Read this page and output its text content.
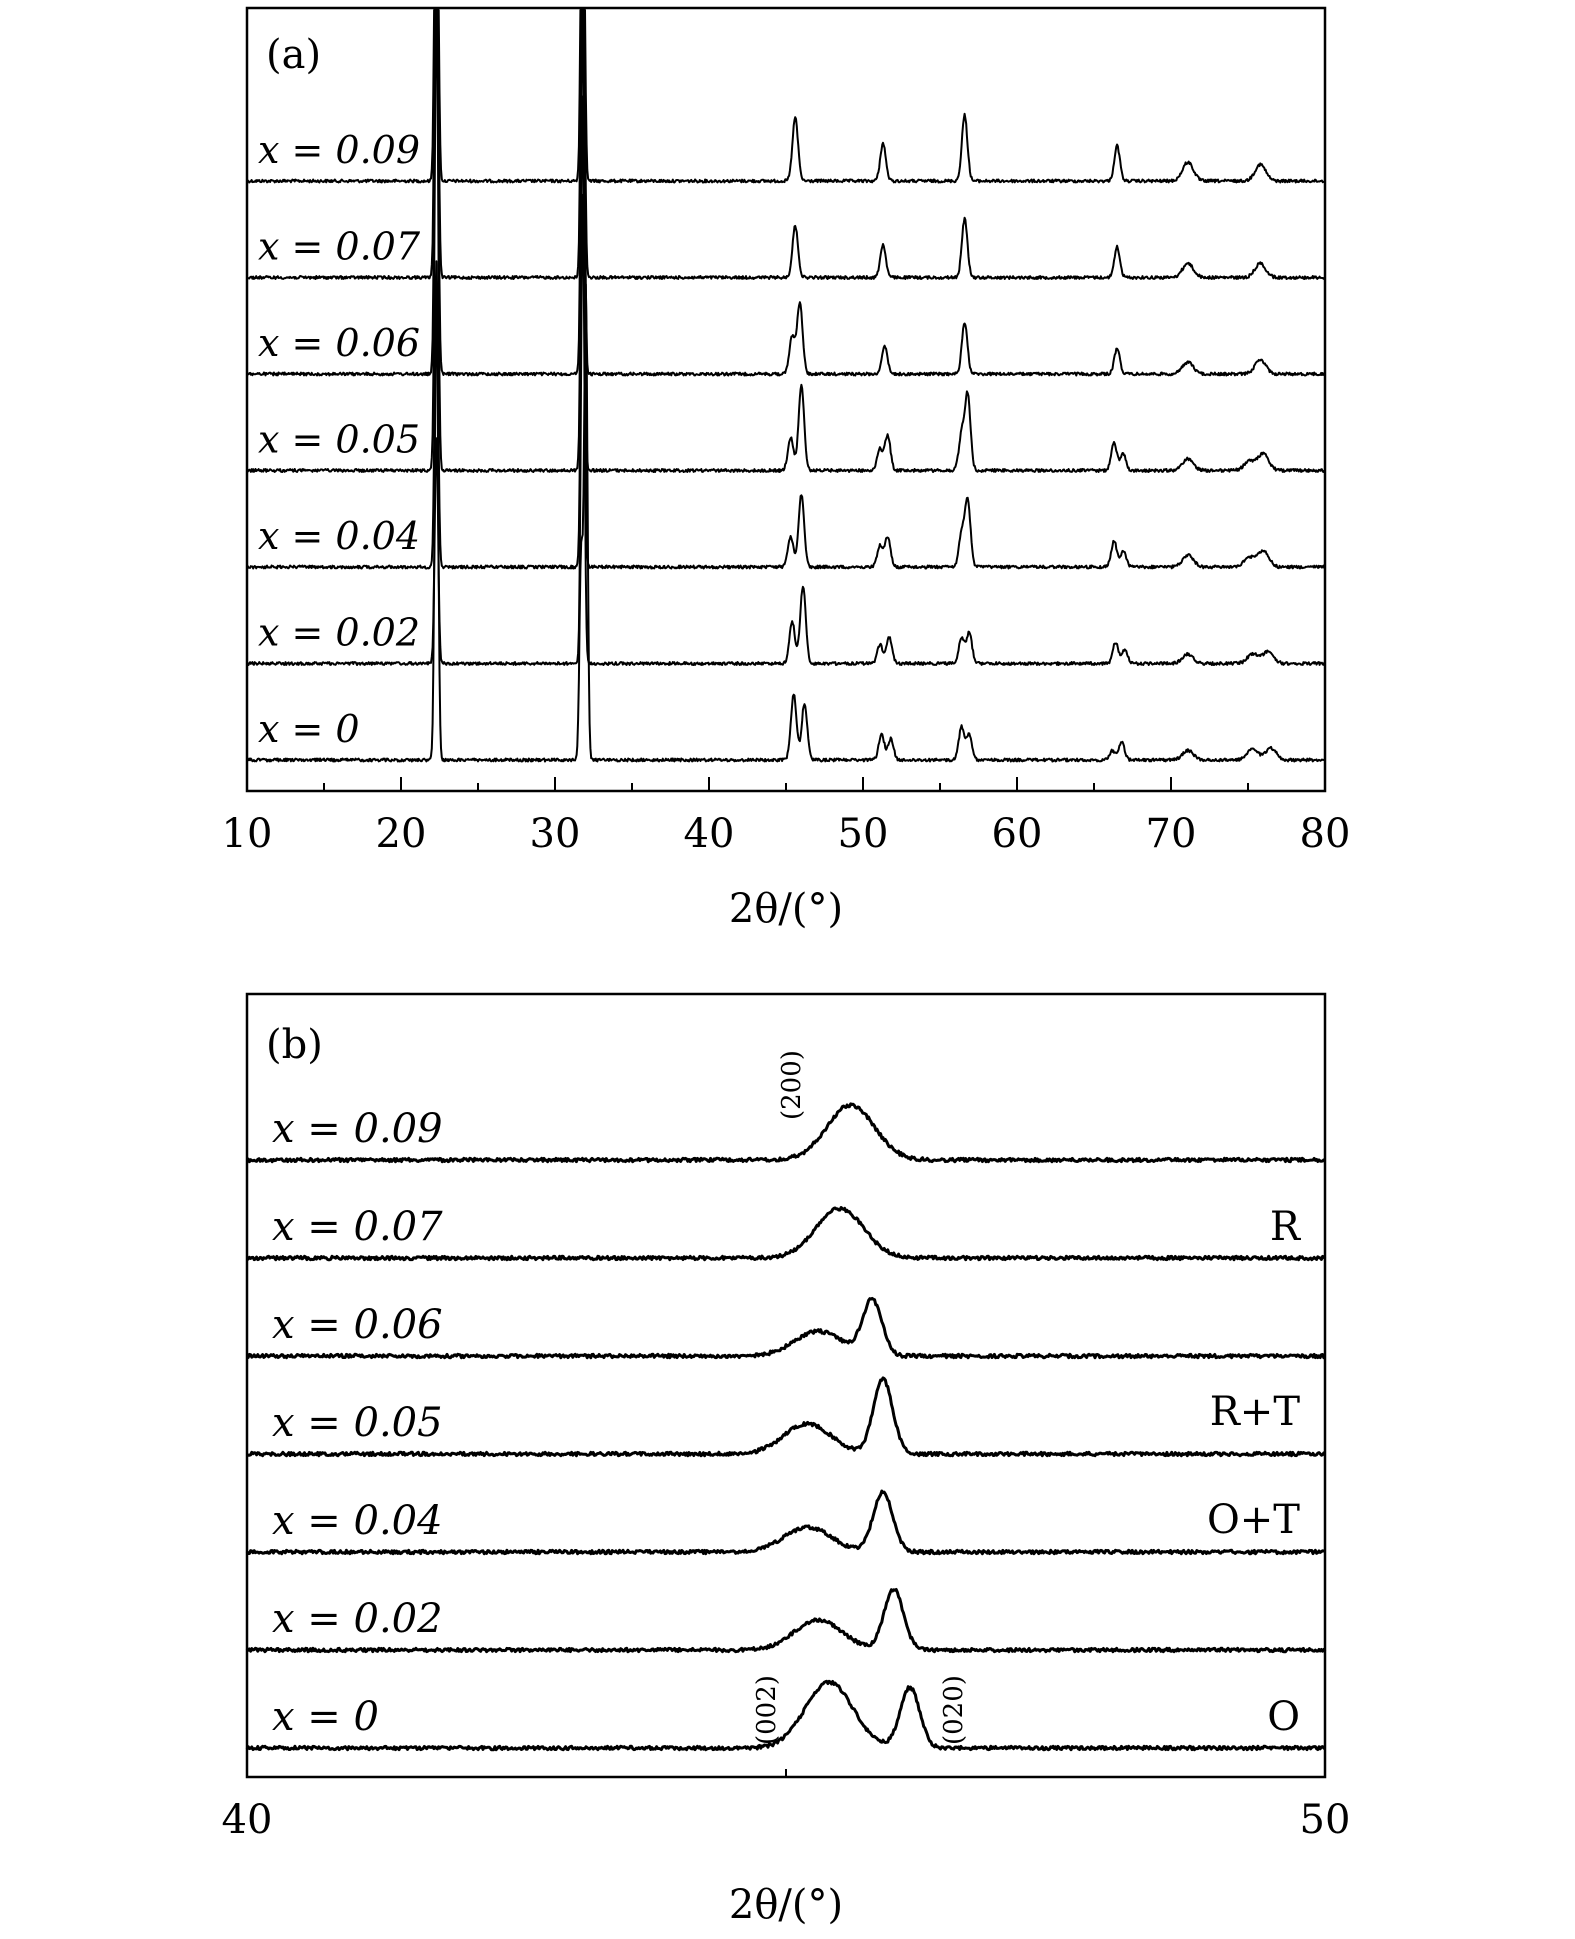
10	20	30	40	50	60	70	80
(a)
x = 0.09
x = 0.07
x = 0.06
x = 0.05
x = 0.04
x = 0.02
x = 0
2θ/(°)
40	50
(b)
x = 0.09
x = 0.07
x = 0.06
x = 0.05
x = 0.04
x = 0.02
x = 0
R
R+T
O+T
O
(200)
(002)	(020)
2θ/(°)
